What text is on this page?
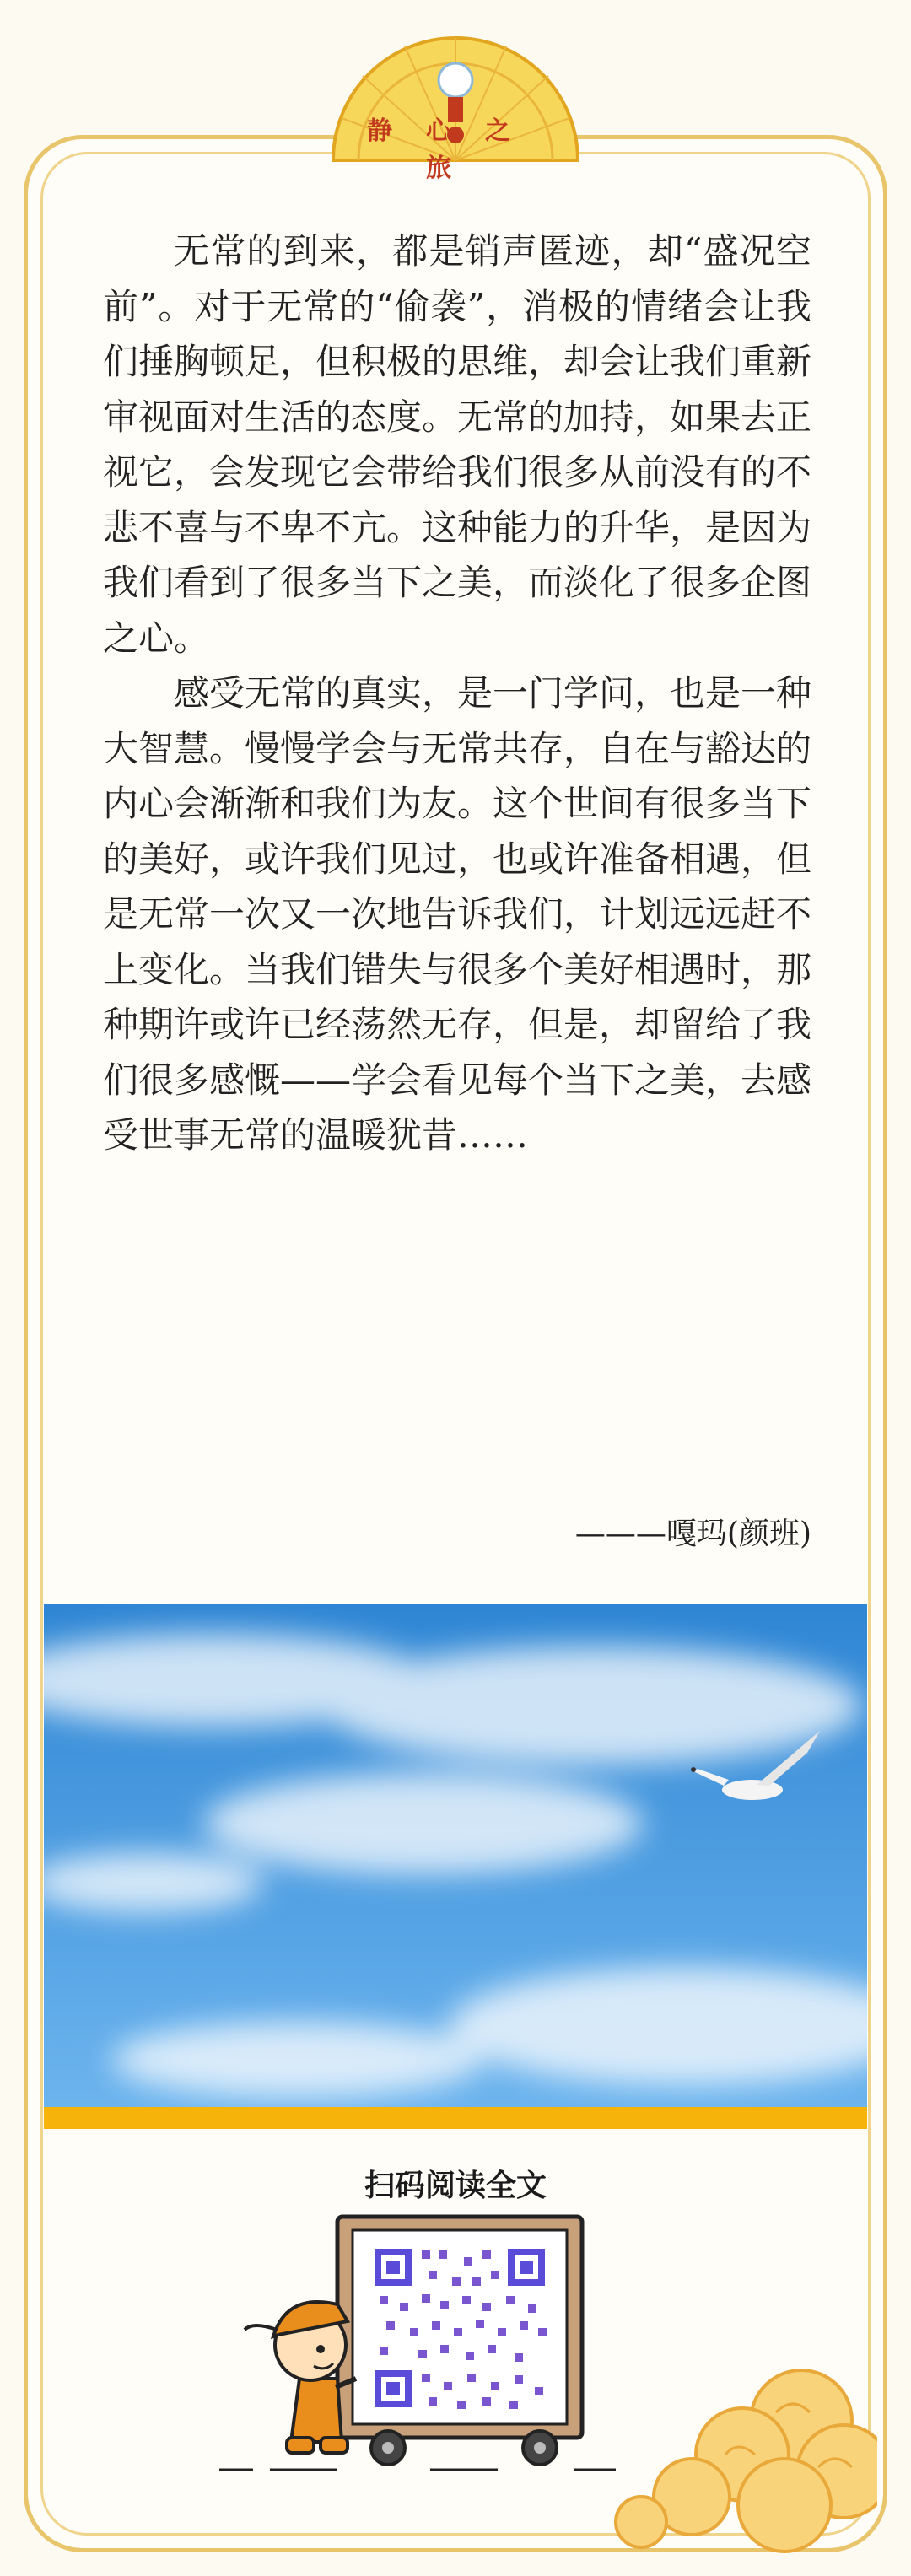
静心之旅

无常的到来，都是销声匿迹，却“盛况空前”。对于无常的“偷袭”，消极的情绪会让我们捶胸顿足，但积极的思维，却会让我们重新审视面对生活的态度。无常的加持，如果去正视它，会发现它会带给我们很多从前没有的不悲不喜与不卑不亢。这种能力的升华，是因为我们看到了很多当下之美，而淡化了很多企图之心。

感受无常的真实，是一门学问，也是一种大智慧。慢慢学会与无常共存，自在与豁达的内心会渐渐和我们为友。这个世间有很多当下的美好，或许我们见过，也或许准备相遇，但是无常一次又一次地告诉我们，计划远远赶不上变化。当我们错失与很多个美好相遇时，那种期许或许已经荡然无存，但是，却留给了我们很多感慨——学会看见每个当下之美，去感受世事无常的温暖犹昔……

———嘎玛(颜班)
扫码阅读全文
